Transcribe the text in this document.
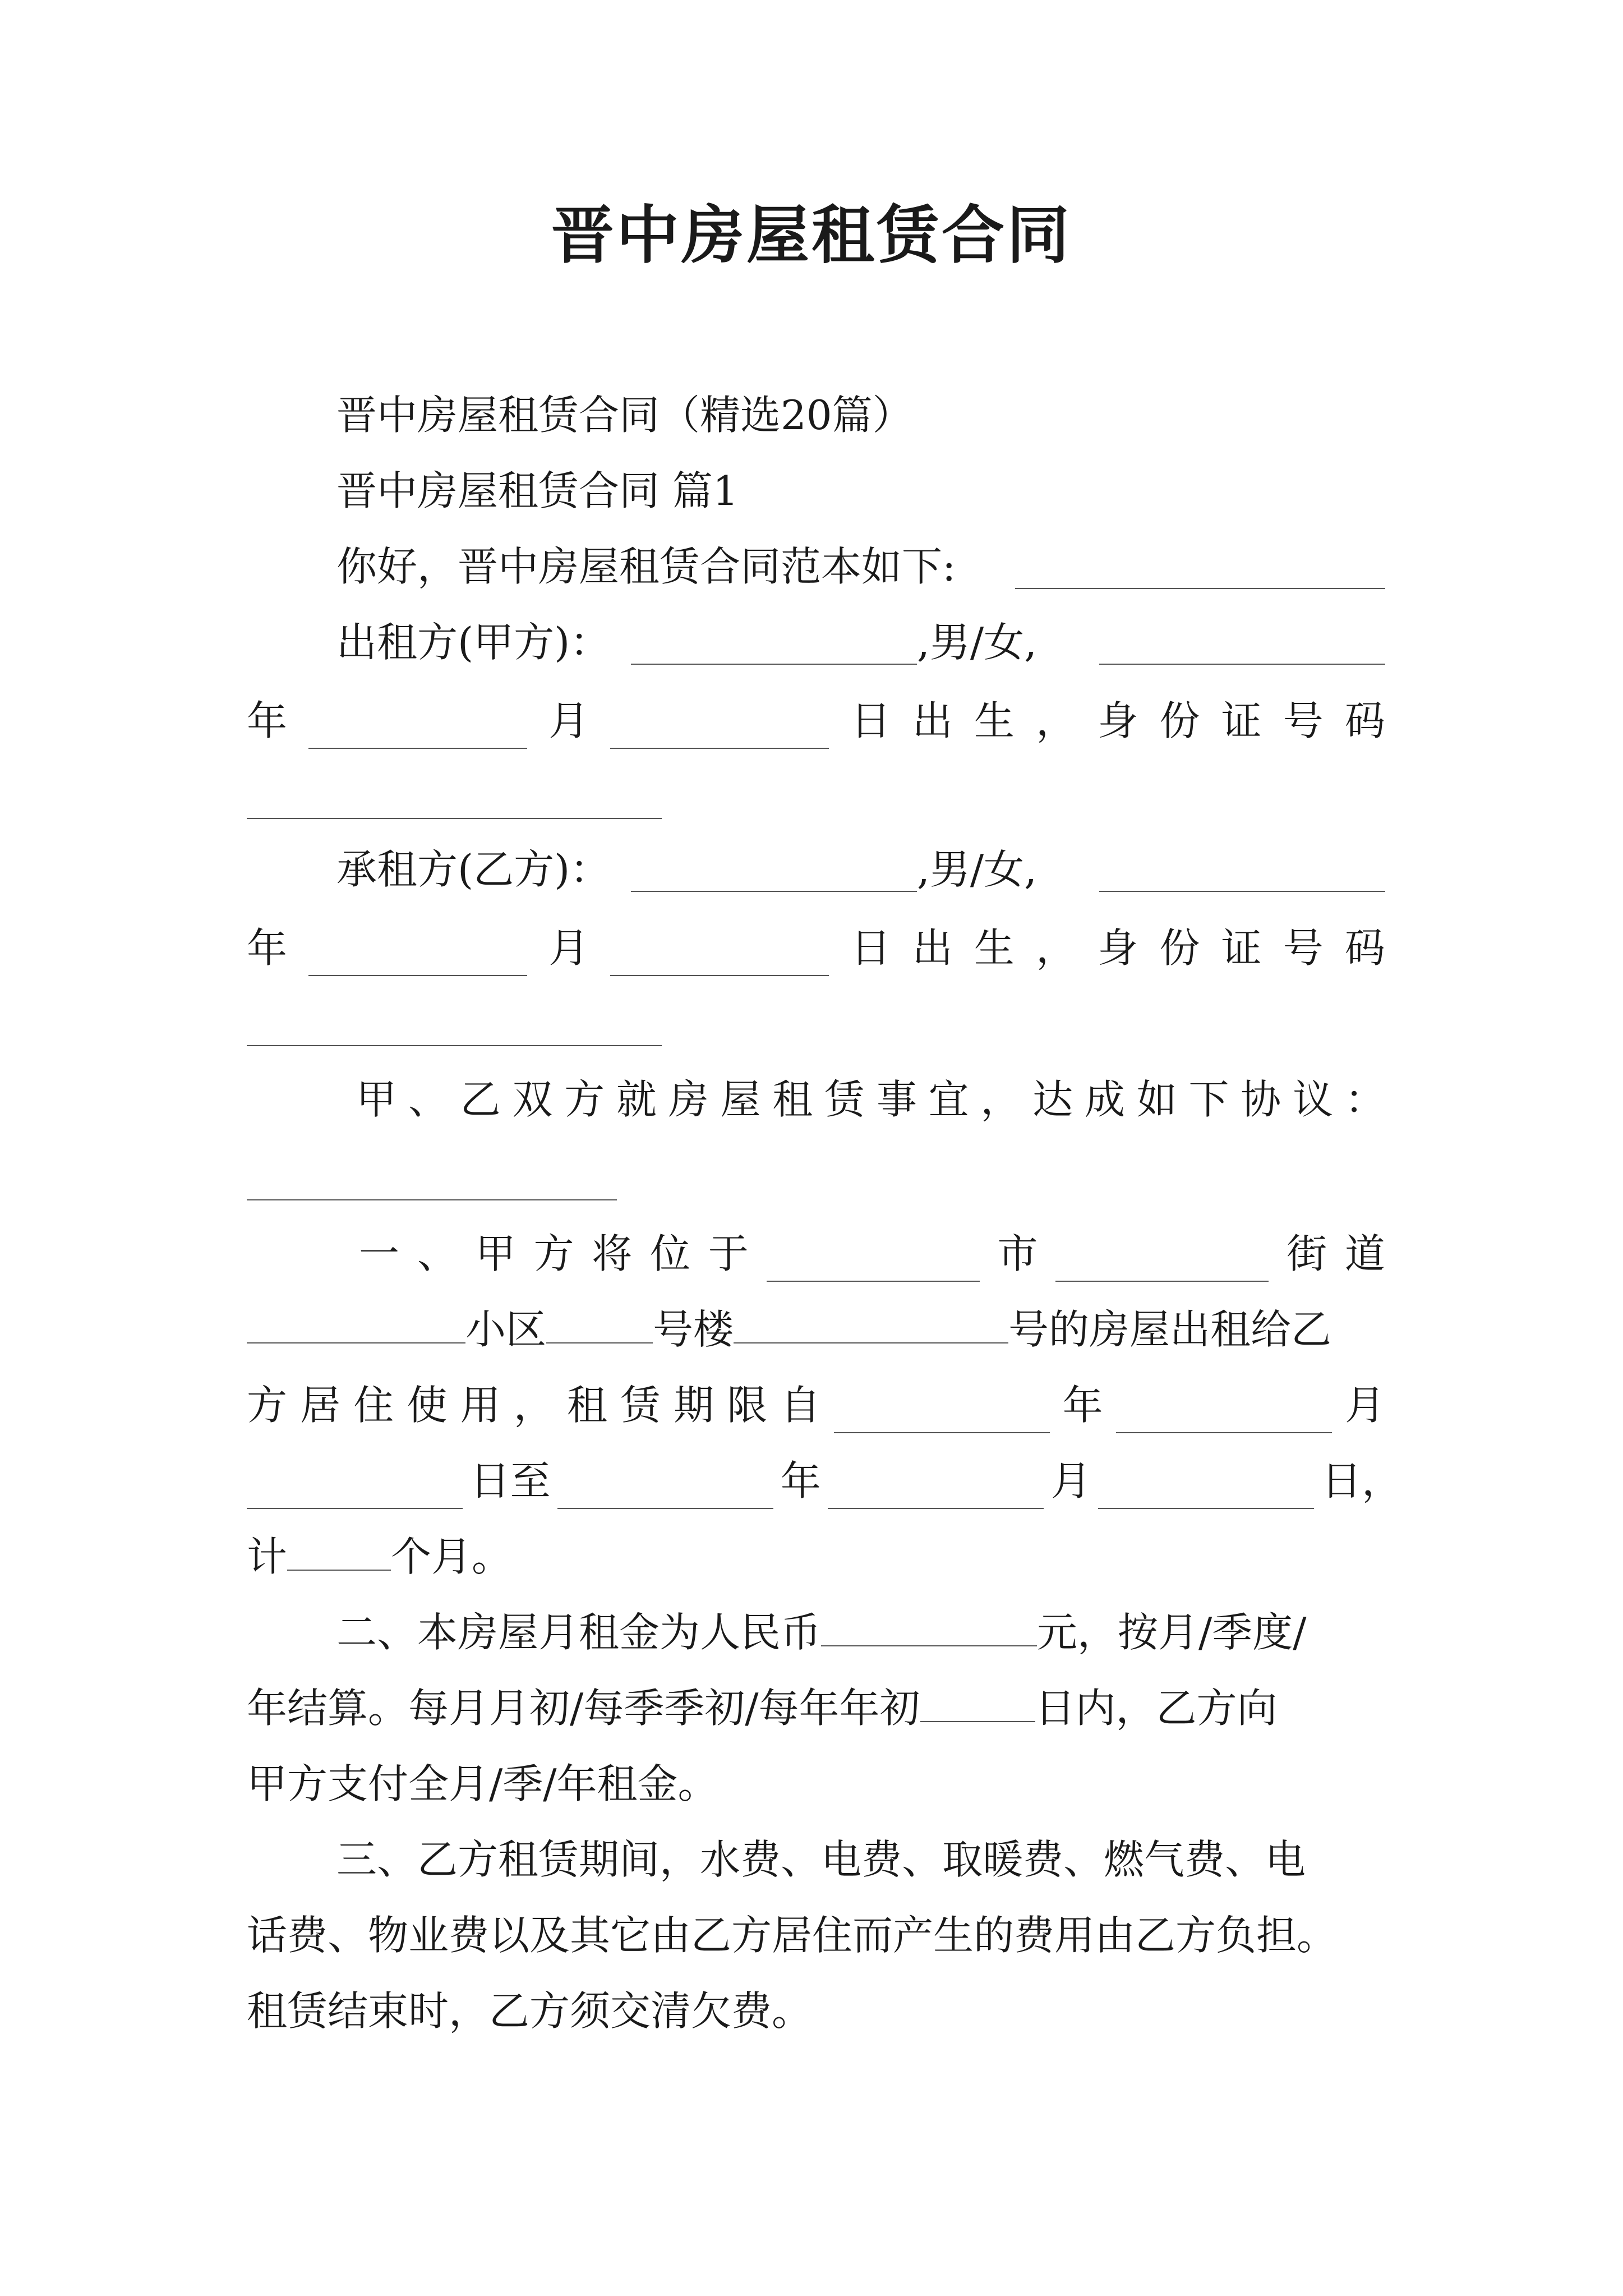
晋中房屋租赁合同
晋中房屋租赁合同（精选20篇）
晋中房屋租赁合同 篇1
你好，晋中房屋租赁合同范本如下:
出租方(甲方)：	,男/女,
年	月	日 出 生 ， 身 份 证 号 码
承租方(乙方)：	,男/女,
年	月	日 出 生 ， 身 份 证 号 码
甲 、 乙 双 方 就 房 屋 租 赁 事 宜 ， 达 成 如 下 协 议 ：
一 、 甲 方 将 位 于	市	街 道
小区	号楼	号的房屋出租给乙
方 居 住 使 用 ， 租 赁 期 限 自	年	月
日至	年	月	日，
计	个月。
二、本房屋月租金为人民币	元，按月/季度/
年结算。每月月初/每季季初/每年年初	日内，乙方向
甲方支付全月/季/年租金。
三、乙方租赁期间，水费、电费、取暖费、燃气费、电
话费、物业费以及其它由乙方居住而产生的费用由乙方负担。
租赁结束时，乙方须交清欠费。
